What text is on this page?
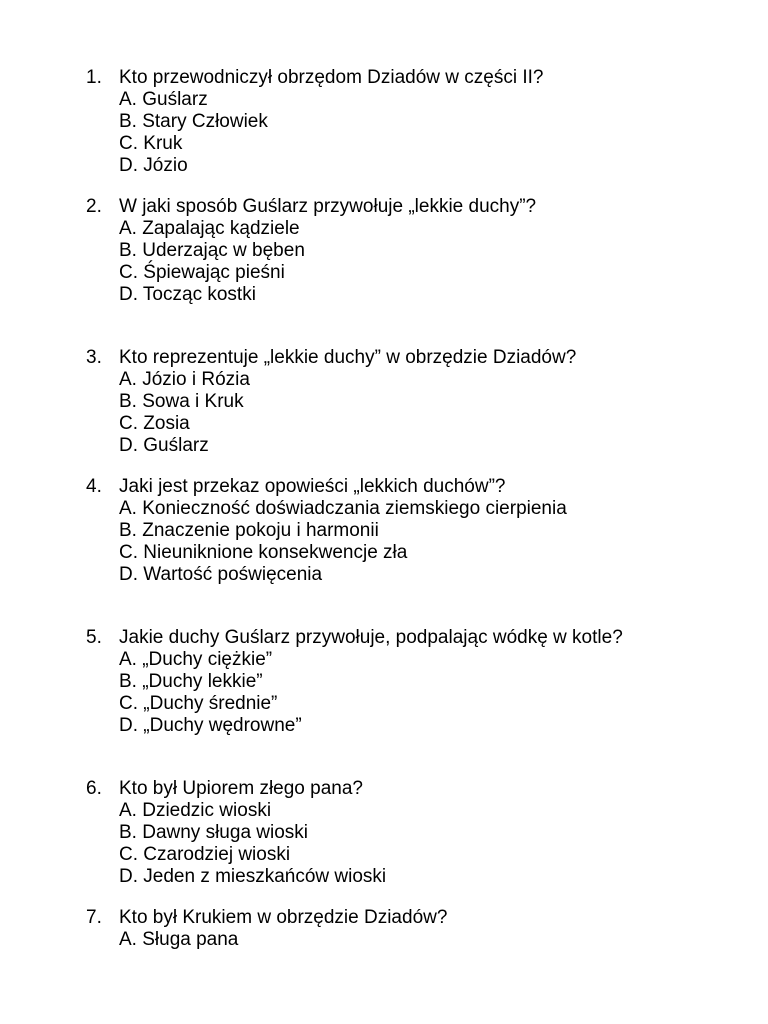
1. Kto przewodniczył obrzędom Dziadów w części II?
A. Guślarz
B. Stary Człowiek
C. Kruk
D. Józio
2. W jaki sposób Guślarz przywołuje „lekkie duchy”?
A. Zapalając kądziele
B. Uderzając w bęben
C. Śpiewając pieśni
D. Tocząc kostki
3. Kto reprezentuje „lekkie duchy” w obrzędzie Dziadów?
A. Józio i Rózia
B. Sowa i Kruk
C. Zosia
D. Guślarz
4. Jaki jest przekaz opowieści „lekkich duchów”?
A. Konieczność doświadczania ziemskiego cierpienia
B. Znaczenie pokoju i harmonii
C. Nieuniknione konsekwencje zła
D. Wartość poświęcenia
5. Jakie duchy Guślarz przywołuje, podpalając wódkę w kotle?
A. „Duchy ciężkie”
B. „Duchy lekkie”
C. „Duchy średnie”
D. „Duchy wędrowne”
6. Kto był Upiorem złego pana?
A. Dziedzic wioski
B. Dawny sługa wioski
C. Czarodziej wioski
D. Jeden z mieszkańców wioski
7. Kto był Krukiem w obrzędzie Dziadów?
A. Sługa pana
